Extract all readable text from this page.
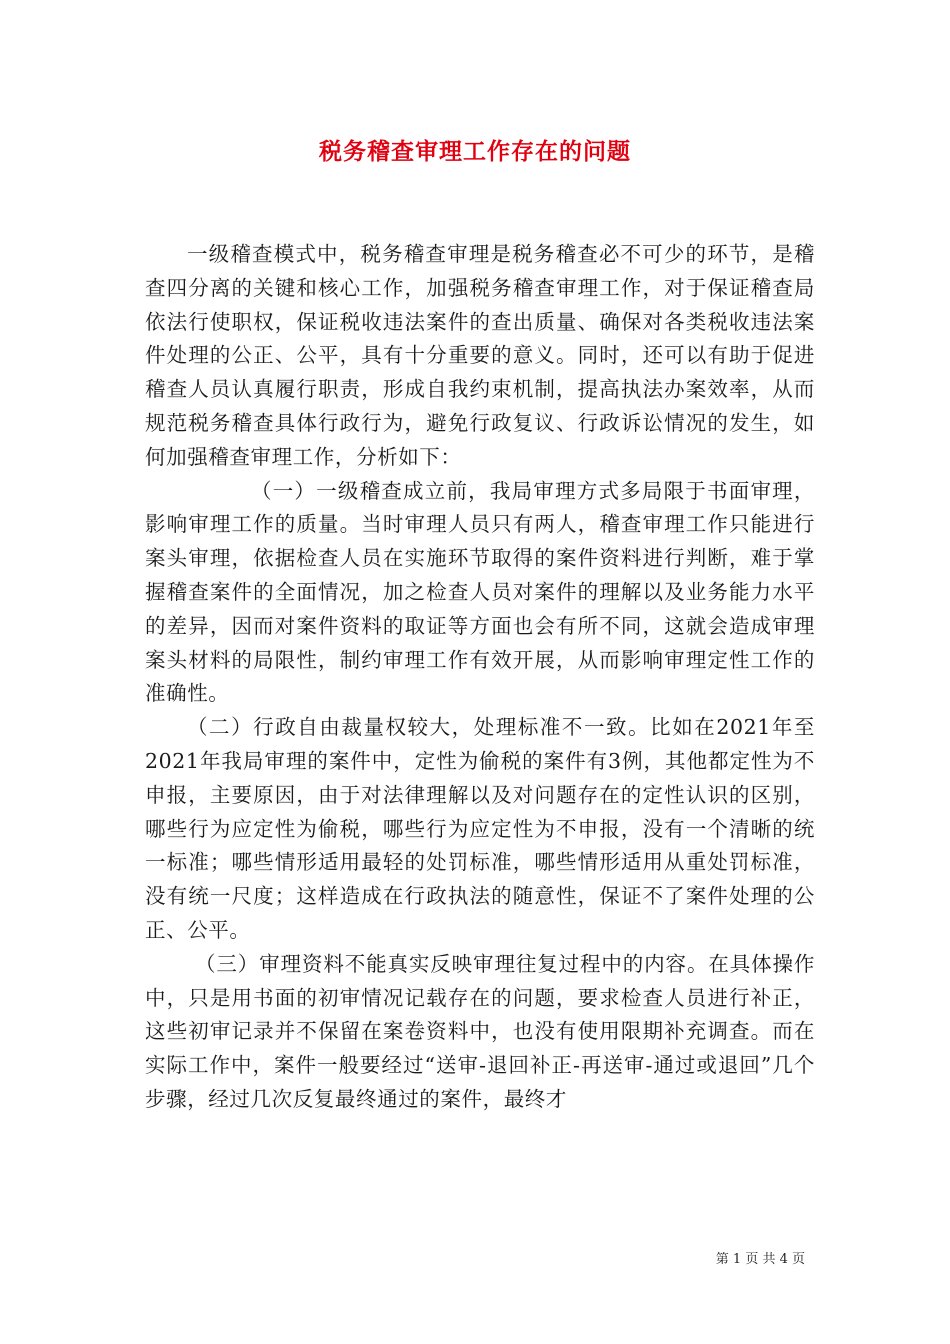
税务稽查审理工作存在的问题

一级稽查模式中，税务稽查审理是税务稽查必不可少的环节，是稽查四分离的关键和核心工作，加强税务稽查审理工作，对于保证稽查局依法行使职权，保证税收违法案件的查出质量、确保对各类税收违法案件处理的公正、公平，具有十分重要的意义。同时，还可以有助于促进稽查人员认真履行职责，形成自我约束机制，提高执法办案效率，从而规范税务稽查具体行政行为，避免行政复议、行政诉讼情况的发生，如何加强稽查审理工作，分析如下：

（一）一级稽查成立前，我局审理方式多局限于书面审理，影响审理工作的质量。当时审理人员只有两人，稽查审理工作只能进行案头审理，依据检查人员在实施环节取得的案件资料进行判断，难于掌握稽查案件的全面情况，加之检查人员对案件的理解以及业务能力水平的差异，因而对案件资料的取证等方面也会有所不同，这就会造成审理案头材料的局限性，制约审理工作有效开展，从而影响审理定性工作的准确性。

（二）行政自由裁量权较大，处理标准不一致。比如在2021年至2021年我局审理的案件中，定性为偷税的案件有3例，其他都定性为不申报，主要原因，由于对法律理解以及对问题存在的定性认识的区别，哪些行为应定性为偷税，哪些行为应定性为不申报，没有一个清晰的统一标准；哪些情形适用最轻的处罚标准，哪些情形适用从重处罚标准，没有统一尺度；这样造成在行政执法的随意性，保证不了案件处理的公正、公平。

（三）审理资料不能真实反映审理往复过程中的内容。在具体操作中，只是用书面的初审情况记载存在的问题，要求检查人员进行补正，这些初审记录并不保留在案卷资料中，也没有使用限期补充调查。而在实际工作中，案件一般要经过“送审-退回补正-再送审-通过或退回”几个步骤，经过几次反复最终通过的案件，最终才

第 1 页 共 4 页
